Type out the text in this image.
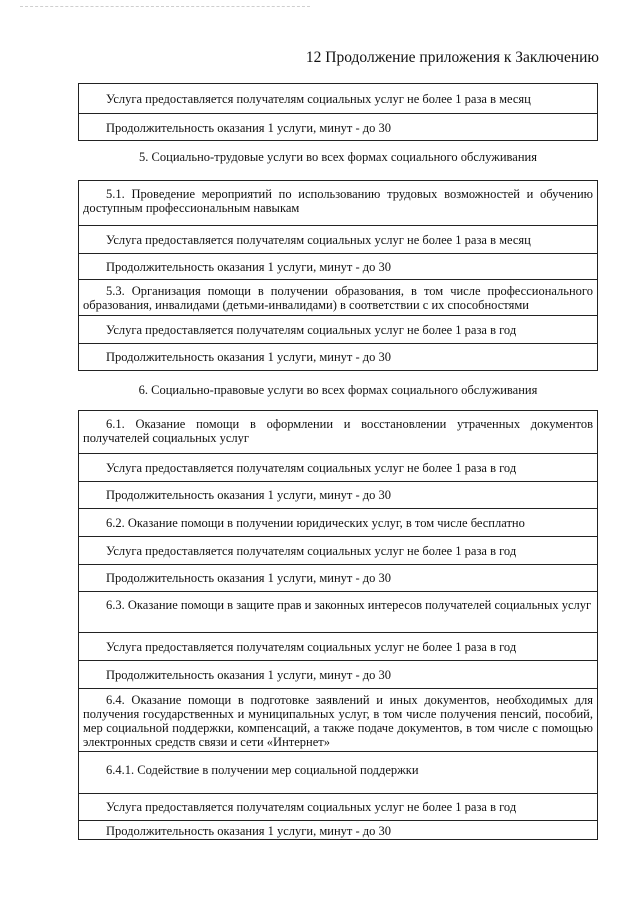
12 Продолжение приложения к Заключению
Услуга предоставляется получателям социальных услуг не более 1 раза в месяц
Продолжительность оказания 1 услуги, минут - до 30
5. Социально-трудовые услуги во всех формах социального обслуживания
5.1. Проведение мероприятий по использованию трудовых возможностей и обучению доступным профессиональным навыкам
Услуга предоставляется получателям социальных услуг не более 1 раза в месяц
Продолжительность оказания 1 услуги, минут - до 30
5.3. Организация помощи в получении образования, в том числе профессионального образования, инвалидами (детьми-инвалидами) в соответствии с их способностями
Услуга предоставляется получателям социальных услуг не более 1 раза в год
Продолжительность оказания 1 услуги, минут - до 30
6. Социально-правовые услуги во всех формах социального обслуживания
6.1. Оказание помощи в оформлении и восстановлении утраченных документов получателей социальных услуг
Услуга предоставляется получателям социальных услуг не более 1 раза в год
Продолжительность оказания 1 услуги, минут - до 30
6.2. Оказание помощи в получении юридических услуг, в том числе бесплатно
Услуга предоставляется получателям социальных услуг не более 1 раза в год
Продолжительность оказания 1 услуги, минут - до 30
6.3. Оказание помощи в защите прав и законных интересов получателей социальных услуг
Услуга предоставляется получателям социальных услуг не более 1 раза в год
Продолжительность оказания 1 услуги, минут - до 30
6.4. Оказание помощи в подготовке заявлений и иных документов, необходимых для получения государственных и муниципальных услуг, в том числе получения пенсий, пособий, мер социальной поддержки, компенсаций, а также подаче документов, в том числе с помощью электронных средств связи и сети «Интернет»
6.4.1. Содействие в получении мер социальной поддержки
Услуга предоставляется получателям социальных услуг не более 1 раза в год
Продолжительность оказания 1 услуги, минут - до 30
